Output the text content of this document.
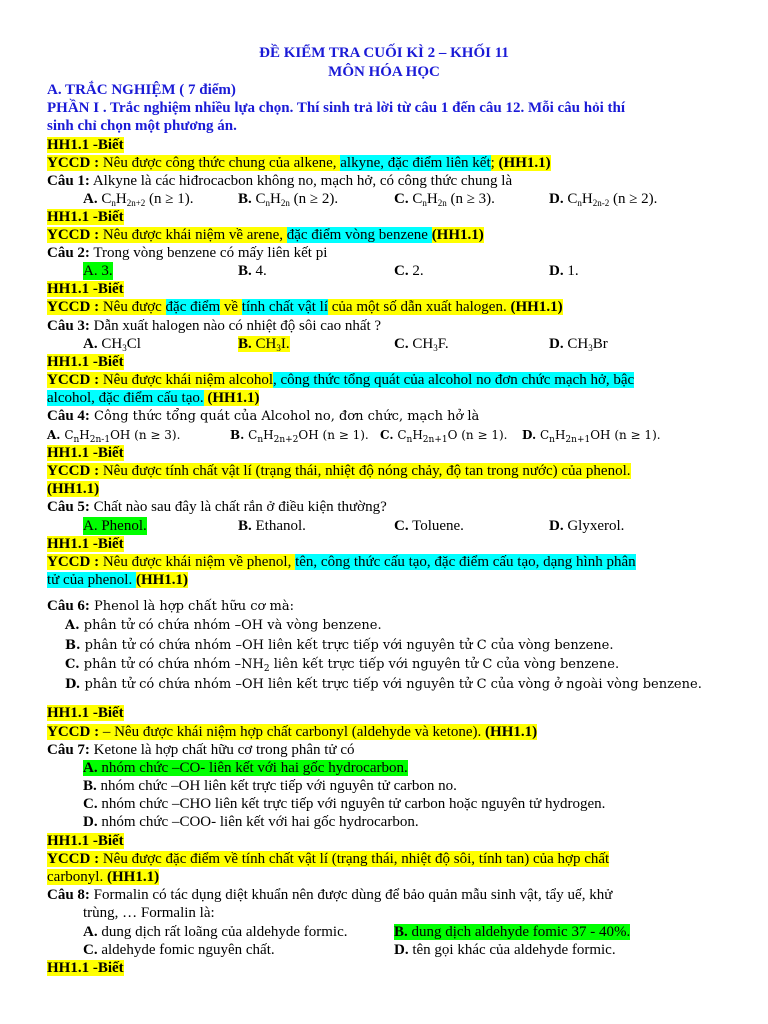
ĐỀ KIỂM TRA CUỐI KÌ 2 – KHỐI 11
MÔN HÓA HỌC
A. TRẮC NGHIỆM ( 7 điểm)
PHẦN I . Trắc nghiệm nhiều lựa chọn. Thí sinh trả lời từ câu 1 đến câu 12. Mỗi câu hỏi thí
sinh chỉ chọn một phương án.
HH1.1 -Biết
YCCD : Nêu được công thức chung của alkene, alkyne, đặc điểm liên kết; (HH1.1)
Câu 1: Alkyne là các hiđrocacbon không no, mạch hở, có công thức chung là
A. $C_nH_{2n+2}$ (n ≥ 1).	B. $C_nH_{2n}$ (n ≥ 2).	C. $C_nH_{2n}$ (n ≥ 3).	D. $C_nH_{2n-2}$ (n ≥ 2).
HH1.1 -Biết
YCCD : Nêu được khái niệm về arene, đặc điểm vòng benzene (HH1.1)
Câu 2: Trong vòng benzene có mấy liên kết pi
A. 3.	B. 4.	C. 2.	D. 1.
HH1.1 -Biết
YCCD : Nêu được đặc điểm về tính chất vật lí của một số dẫn xuất halogen. (HH1.1)
Câu 3: Dẫn xuất halogen nào có nhiệt độ sôi cao nhất ?
A. $CH_3Cl$	B. $CH_3I$.	C. $CH_3F$.	D. $CH_3Br$
HH1.1 -Biết
YCCD : Nêu được khái niệm alcohol, công thức tổng quát của alcohol no đơn chức mạch hở, bậc
alcohol, đặc điểm cấu tạo. (HH1.1)
Câu 4: Công thức tổng quát của Alcohol no, đơn chức, mạch hở là
A. $C_nH_{2n-1}OH$ (n ≥ 3).	B. $C_nH_{2n+2}OH$ (n ≥ 1). C. $C_nH_{2n+1}O$ (n ≥ 1). D. $C_nH_{2n+1}OH$ (n ≥ 1).
HH1.1 -Biết
YCCD : Nêu được tính chất vật lí (trạng thái, nhiệt độ nóng chảy, độ tan trong nước) của phenol.
(HH1.1)
Câu 5: Chất nào sau đây là chất rắn ở điều kiện thường?
A. Phenol.	B. Ethanol.	C. Toluene.	D. Glyxerol.
HH1.1 -Biết
YCCD : Nêu được khái niệm về phenol, tên, công thức cấu tạo, đặc điểm cấu tạo, dạng hình phân
tử của phenol. (HH1.1)
Câu 6: Phenol là hợp chất hữu cơ mà:
A. phân tử có chứa nhóm –OH và vòng benzene.
B. phân tử có chứa nhóm –OH liên kết trực tiếp với nguyên tử C của vòng benzene.
C. phân tử có chứa nhóm $-NH_2$ liên kết trực tiếp với nguyên tử C của vòng benzene.
D. phân tử có chứa nhóm –OH liên kết trực tiếp với nguyên tử C của vòng ở ngoài vòng benzene.
HH1.1 -Biết
YCCD : – Nêu được khái niệm hợp chất carbonyl (aldehyde và ketone). (HH1.1)
Câu 7: Ketone là hợp chất hữu cơ trong phân tử có
A. nhóm chức –CO- liên kết với hai gốc hydrocarbon.
B. nhóm chức –OH liên kết trực tiếp với nguyên tử carbon no.
C. nhóm chức –CHO liên kết trực tiếp với nguyên tử carbon hoặc nguyên tử hydrogen.
D. nhóm chức –COO- liên kết với hai gốc hydrocarbon.
HH1.1 -Biết
YCCD : Nêu được đặc điểm về tính chất vật lí (trạng thái, nhiệt độ sôi, tính tan) của hợp chất
carbonyl. (HH1.1)
Câu 8: Formalin có tác dụng diệt khuẩn nên được dùng để bảo quản mẫu sinh vật, tẩy uế, khử
trùng, … Formalin là:
A. dung dịch rất loãng của aldehyde formic.	B. dung dịch aldehyde fomic 37 - 40%.
C. aldehyde fomic nguyên chất.	D. tên gọi khác của aldehyde formic.
HH1.1 -Biết
